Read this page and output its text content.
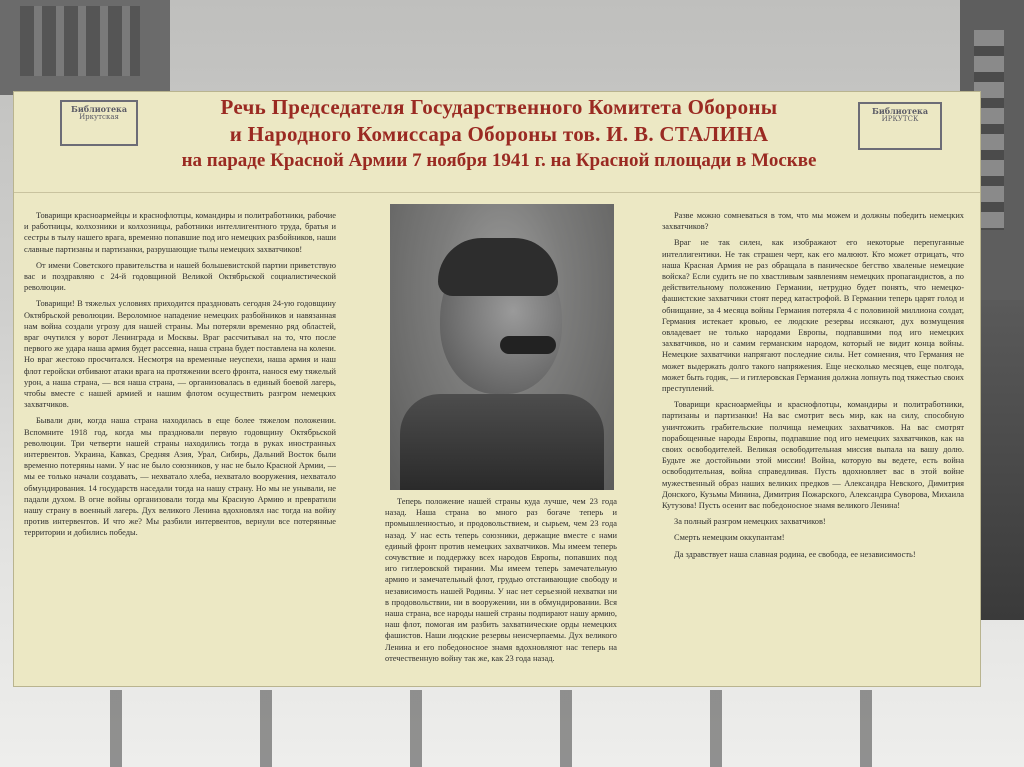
Библиотека
Иркутская
Библиотека
ИРКУТСК
Речь Председателя Государственного Комитета Обороны
и Народного Комиссара Обороны тов. И. В. СТАЛИНА
на параде Красной Армии 7 ноября 1941 г. на Красной площади в Москве

Товарищи красноармейцы и краснофлотцы, командиры и политработники, рабочие и работницы, колхозники и колхозницы, работники интеллигентного труда, братья и сестры в тылу нашего врага, временно попавшие под иго немецких разбойников, наши славные партизаны и партизанки, разрушающие тылы немецких захватчиков!

От имени Советского правительства и нашей большевистской партии приветствую вас и поздравляю с 24-й годовщиной Великой Октябрьской социалистической революции.

Товарищи! В тяжелых условиях приходится праздновать сегодня 24-ую годовщину Октябрьской революции. Вероломное нападение немецких разбойников и навязанная нам война создали угрозу для нашей страны. Мы потеряли временно ряд областей, враг очутился у ворот Ленинграда и Москвы. Враг рассчитывал на то, что после первого же удара наша армия будет рассеяна, наша страна будет поставлена на колени. Но враг жестоко просчитался. Несмотря на временные неуспехи, наша армия и наш флот геройски отбивают атаки врага на протяжении всего фронта, нанося ему тяжелый урон, а наша страна, — вся наша страна, — организовалась в единый боевой лагерь, чтобы вместе с нашей армией и нашим флотом осуществить разгром немецких захватчиков.

Бывали дни, когда наша страна находилась в еще более тяжелом положении. Вспомните 1918 год, когда мы праздновали первую годовщину Октябрьской революции. Три четверти нашей страны находились тогда в руках иностранных интервентов. Украина, Кавказ, Средняя Азия, Урал, Сибирь, Дальний Восток были временно потеряны нами. У нас не было союзников, у нас не было Красной Армии, — мы ее только начали создавать, — нехватало хлеба, нехватало вооружения, нехватало обмундирования. 14 государств наседали тогда на нашу страну. Но мы не унывали, не падали духом. В огне войны организовали тогда мы Красную Армию и превратили нашу страну в военный лагерь. Дух великого Ленина вдохновлял нас тогда на войну против интервентов. И что же? Мы разбили интервентов, вернули все потерянные территории и добились победы.

Теперь положение нашей страны куда лучше, чем 23 года назад. Наша страна во много раз богаче теперь и промышленностью, и продовольствием, и сырьем, чем 23 года назад. У нас есть теперь союзники, держащие вместе с нами единый фронт против немецких захватчиков. Мы имеем теперь сочувствие и поддержку всех народов Европы, попавших под иго гитлеровской тирании. Мы имеем теперь замечательную армию и замечательный флот, грудью отстаивающие свободу и независимость нашей Родины. У нас нет серьезной нехватки ни в продовольствии, ни в вооружении, ни в обмундировании. Вся наша страна, все народы нашей страны подпирают нашу армию, наш флот, помогая им разбить захватнические орды немецких фашистов. Наши людские резервы неисчерпаемы. Дух великого Ленина и его победоносное знамя вдохновляют нас теперь на отечественную войну так же, как 23 года назад.

Разве можно сомневаться в том, что мы можем и должны победить немецких захватчиков?

Враг не так силен, как изображают его некоторые перепуганные интеллигентики. Не так страшен черт, как его малюют. Кто может отрицать, что наша Красная Армия не раз обращала в паническое бегство хваленые немецкие войска? Если судить не по хвастливым заявлениям немецких пропагандистов, а по действительному положению Германии, нетрудно будет понять, что немецко-фашистские захватчики стоят перед катастрофой. В Германии теперь царят голод и обнищание, за 4 месяца войны Германия потеряла 4 с половиной миллиона солдат, Германия истекает кровью, ее людские резервы иссякают, дух возмущения овладевает не только народами Европы, подпавшими под иго немецких захватчиков, но и самим германским народом, который не видит конца войны. Немецкие захватчики напрягают последние силы. Нет сомнения, что Германия не может выдержать долго такого напряжения. Еще несколько месяцев, еще полгода, может быть годик, — и гитлеровская Германия должна лопнуть под тяжестью своих преступлений.

Товарищи красноармейцы и краснофлотцы, командиры и политработники, партизаны и партизанки! На вас смотрит весь мир, как на силу, способную уничтожить грабительские полчища немецких захватчиков. На вас смотрят порабощенные народы Европы, подпавшие под иго немецких захватчиков, как на своих освободителей. Великая освободительная миссия выпала на вашу долю. Будьте же достойными этой миссии! Война, которую вы ведете, есть война освободительная, война справедливая. Пусть вдохновляет вас в этой войне мужественный образ наших великих предков — Александра Невского, Димитрия Донского, Кузьмы Минина, Димитрия Пожарского, Александра Суворова, Михаила Кутузова! Пусть осенит вас победоносное знамя великого Ленина!

За полный разгром немецких захватчиков!

Смерть немецким оккупантам!

Да здравствует наша славная родина, ее свобода, ее независимость!
